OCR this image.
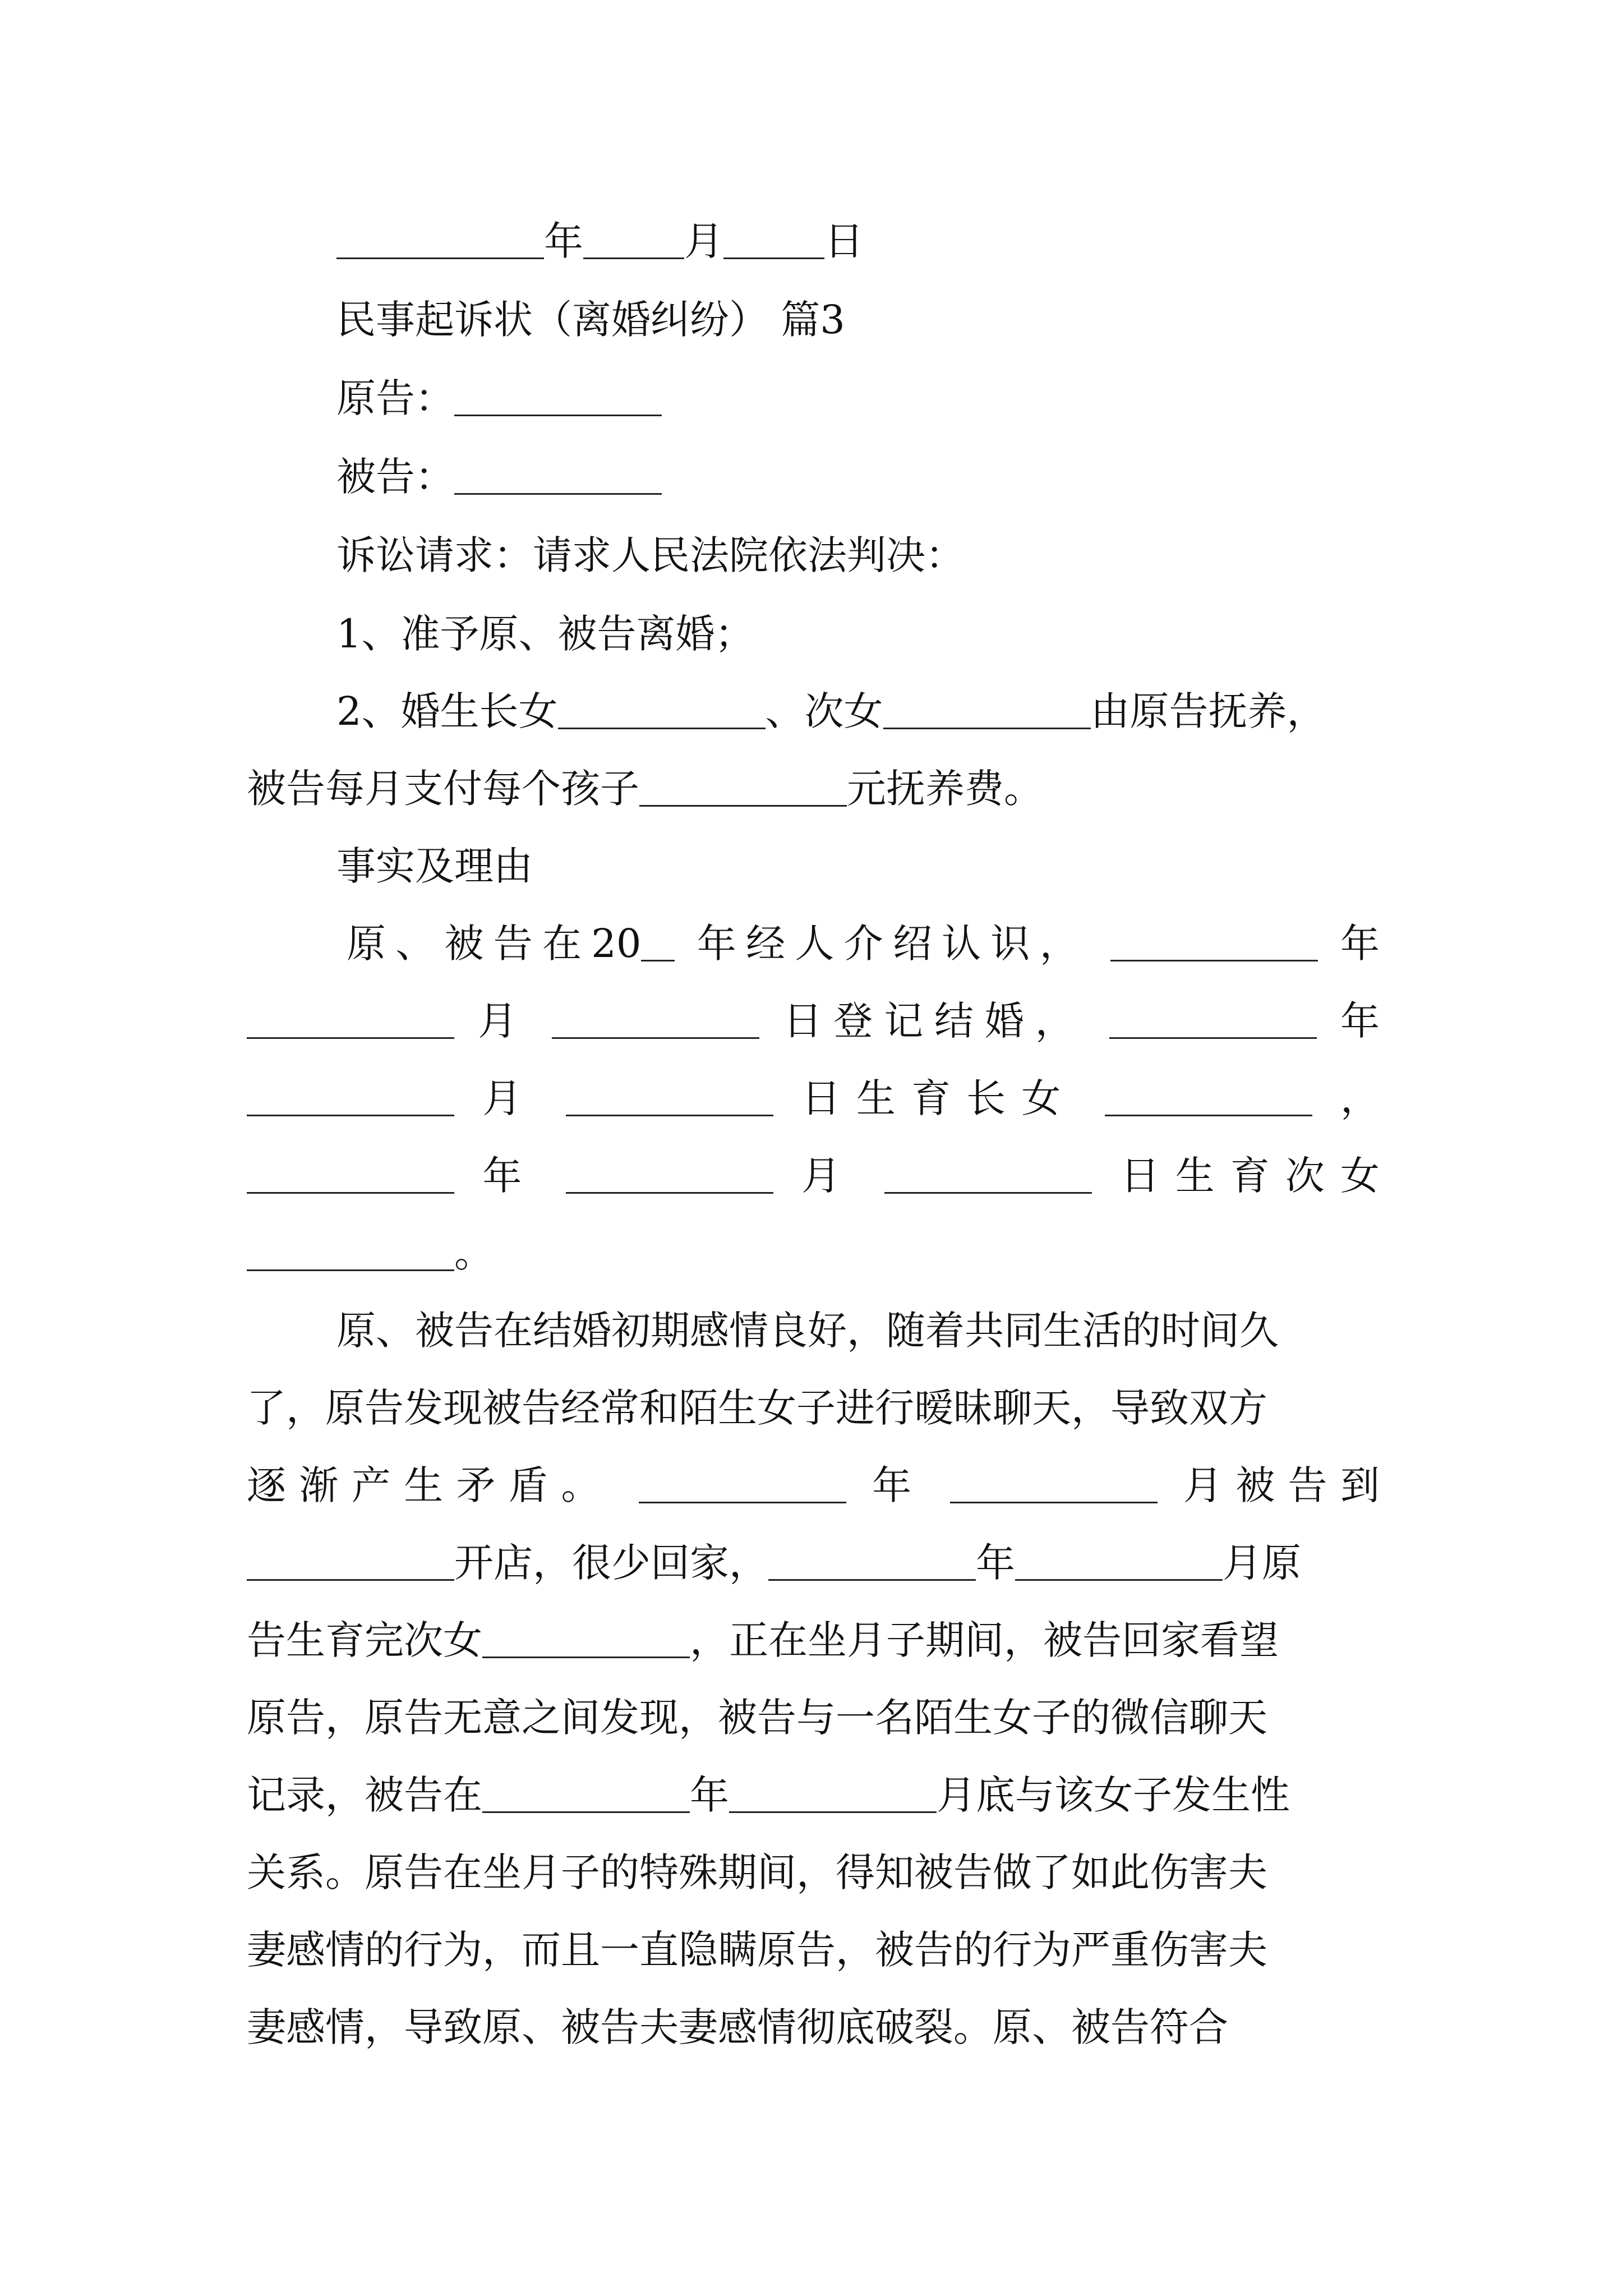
年	月	日
民事起诉状（离婚纠纷） 篇3
原告：
被告：
诉讼请求：请求人民法院依法判决：
1、准予原、被告离婚；
2、婚生长女	、次女	由原告抚养，
被告每月支付每个孩子	元抚养费。
事实及理由
原、被告在20 年经人介绍认识，	年
月	日登记结婚，	年
月	日生育长女	，
年	月	日生育次女
。
原、被告在结婚初期感情良好，随着共同生活的时间久
了，原告发现被告经常和陌生女子进行暧昧聊天，导致双方
逐渐产生矛盾。	年	月被告到
开店，很少回家，	年	月原
告生育完次女	，正在坐月子期间，被告回家看望
原告，原告无意之间发现，被告与一名陌生女子的微信聊天
记录，被告在	年	月底与该女子发生性
关系。原告在坐月子的特殊期间，得知被告做了如此伤害夫
妻感情的行为，而且一直隐瞒原告，被告的行为严重伤害夫
妻感情，导致原、被告夫妻感情彻底破裂。原、被告符合
